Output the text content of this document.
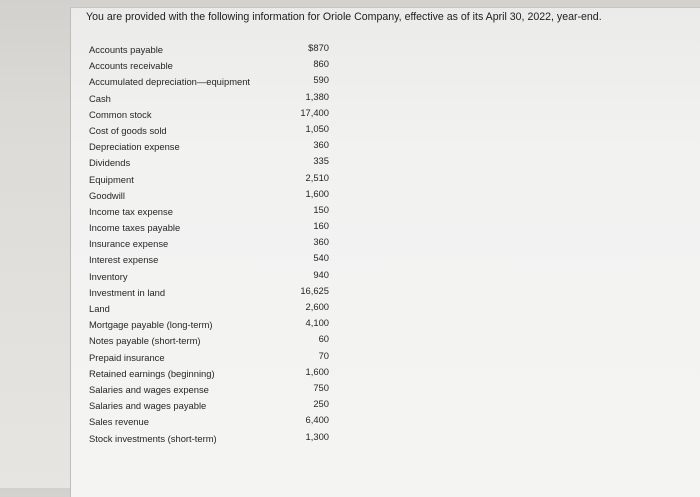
You are provided with the following information for Oriole Company, effective as of its April 30, 2022, year-end.

Accounts payable	$870
Accounts receivable	860
Accumulated depreciation—equipment	590
Cash	1,380
Common stock	17,400
Cost of goods sold	1,050
Depreciation expense	360
Dividends	335
Equipment	2,510
Goodwill	1,600
Income tax expense	150
Income taxes payable	160
Insurance expense	360
Interest expense	540
Inventory	940
Investment in land	16,625
Land	2,600
Mortgage payable (long-term)	4,100
Notes payable (short-term)	60
Prepaid insurance	70
Retained earnings (beginning)	1,600
Salaries and wages expense	750
Salaries and wages payable	250
Sales revenue	6,400
Stock investments (short-term)	1,300
